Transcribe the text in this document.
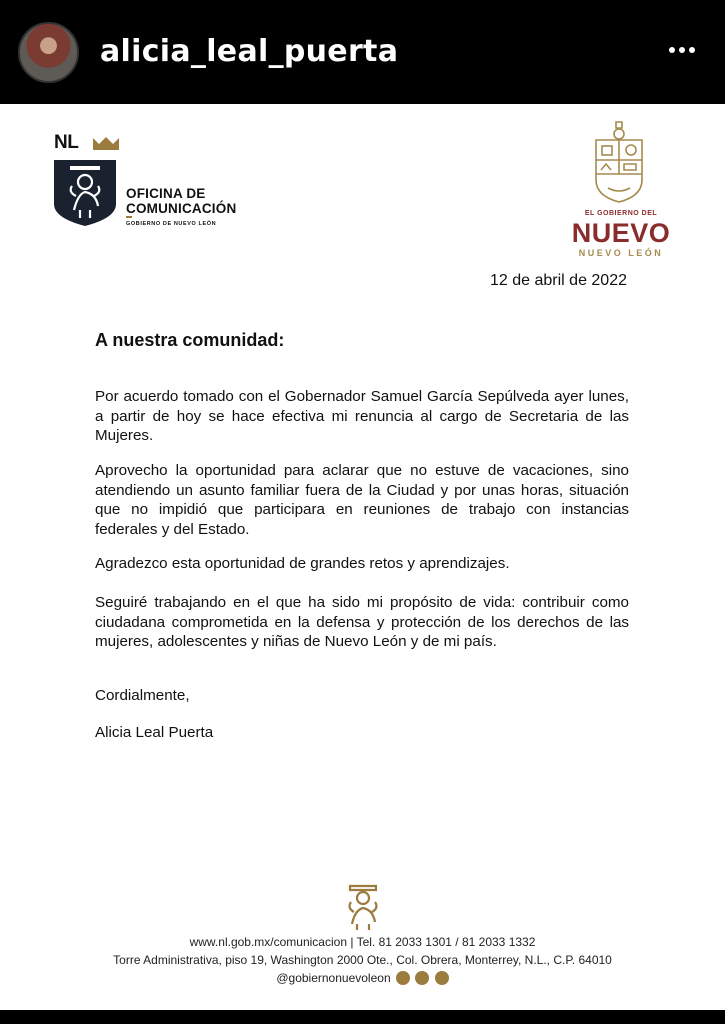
alicia_leal_puerta
NL
OFICINA DE COMUNICACIÓN
GOBIERNO DE NUEVO LEÓN
EL GOBIERNO DEL
NUEVO
NUEVO LEÓN
12 de abril de 2022
A nuestra comunidad:

Por acuerdo tomado con el Gobernador Samuel García Sepúlveda ayer lunes, a partir de hoy se hace efectiva mi renuncia al cargo de Secretaria de las Mujeres.

Aprovecho la oportunidad para aclarar que no estuve de vacaciones, sino atendiendo un asunto familiar fuera de la Ciudad y por unas horas, situación que no impidió que participara en reuniones de trabajo con instancias federales y del Estado.

Agradezco esta oportunidad de grandes retos y aprendizajes.

Seguiré trabajando en el que ha sido mi propósito de vida: contribuir como ciudadana comprometida en la defensa y protección de los derechos de las mujeres, adolescentes y niñas de Nuevo León y de mi país.

Cordialmente,
Alicia Leal Puerta
www.nl.gob.mx/comunicacion | Tel. 81 2033 1301 / 81 2033 1332
Torre Administrativa, piso 19, Washington 2000 Ote., Col. Obrera, Monterrey, N.L., C.P. 64010
@gobiernonuevoleon
